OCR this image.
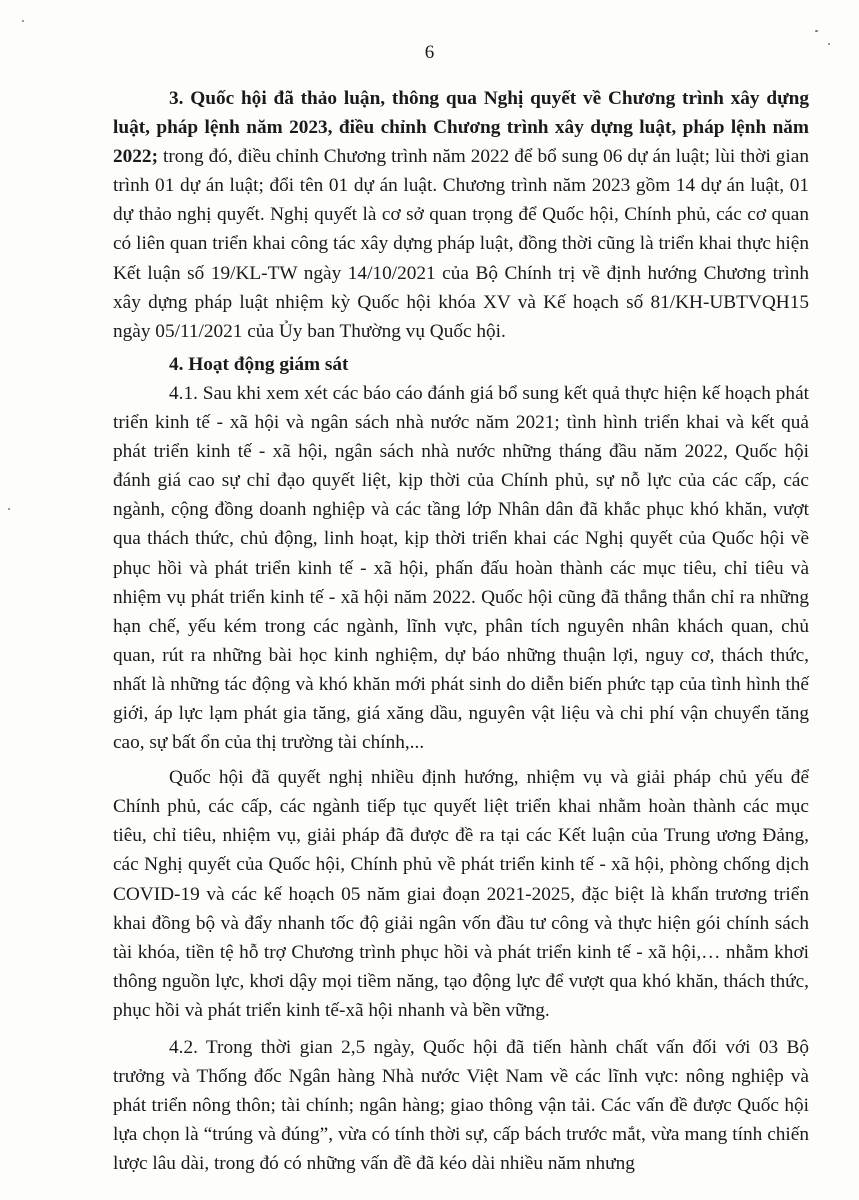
6

3. Quốc hội đã thảo luận, thông qua Nghị quyết về Chương trình xây dựng luật, pháp lệnh năm 2023, điều chỉnh Chương trình xây dựng luật, pháp lệnh năm 2022; trong đó, điều chỉnh Chương trình năm 2022 để bổ sung 06 dự án luật; lùi thời gian trình 01 dự án luật; đổi tên 01 dự án luật. Chương trình năm 2023 gồm 14 dự án luật, 01 dự thảo nghị quyết. Nghị quyết là cơ sở quan trọng để Quốc hội, Chính phủ, các cơ quan có liên quan triển khai công tác xây dựng pháp luật, đồng thời cũng là triển khai thực hiện Kết luận số 19/KL-TW ngày 14/10/2021 của Bộ Chính trị về định hướng Chương trình xây dựng pháp luật nhiệm kỳ Quốc hội khóa XV và Kế hoạch số 81/KH-UBTVQH15 ngày 05/11/2021 của Ủy ban Thường vụ Quốc hội.

4. Hoạt động giám sát

4.1. Sau khi xem xét các báo cáo đánh giá bổ sung kết quả thực hiện kế hoạch phát triển kinh tế - xã hội và ngân sách nhà nước năm 2021; tình hình triển khai và kết quả phát triển kinh tế - xã hội, ngân sách nhà nước những tháng đầu năm 2022, Quốc hội đánh giá cao sự chỉ đạo quyết liệt, kịp thời của Chính phủ, sự nỗ lực của các cấp, các ngành, cộng đồng doanh nghiệp và các tầng lớp Nhân dân đã khắc phục khó khăn, vượt qua thách thức, chủ động, linh hoạt, kịp thời triển khai các Nghị quyết của Quốc hội về phục hồi và phát triển kinh tế - xã hội, phấn đấu hoàn thành các mục tiêu, chỉ tiêu và nhiệm vụ phát triển kinh tế - xã hội năm 2022. Quốc hội cũng đã thẳng thắn chỉ ra những hạn chế, yếu kém trong các ngành, lĩnh vực, phân tích nguyên nhân khách quan, chủ quan, rút ra những bài học kinh nghiệm, dự báo những thuận lợi, nguy cơ, thách thức, nhất là những tác động và khó khăn mới phát sinh do diễn biến phức tạp của tình hình thế giới, áp lực lạm phát gia tăng, giá xăng dầu, nguyên vật liệu và chi phí vận chuyển tăng cao, sự bất ổn của thị trường tài chính,...

Quốc hội đã quyết nghị nhiều định hướng, nhiệm vụ và giải pháp chủ yếu để Chính phủ, các cấp, các ngành tiếp tục quyết liệt triển khai nhằm hoàn thành các mục tiêu, chỉ tiêu, nhiệm vụ, giải pháp đã được đề ra tại các Kết luận của Trung ương Đảng, các Nghị quyết của Quốc hội, Chính phủ về phát triển kinh tế - xã hội, phòng chống dịch COVID-19 và các kế hoạch 05 năm giai đoạn 2021-2025, đặc biệt là khẩn trương triển khai đồng bộ và đẩy nhanh tốc độ giải ngân vốn đầu tư công và thực hiện gói chính sách tài khóa, tiền tệ hỗ trợ Chương trình phục hồi và phát triển kinh tế - xã hội,… nhằm khơi thông nguồn lực, khơi dậy mọi tiềm năng, tạo động lực để vượt qua khó khăn, thách thức, phục hồi và phát triển kinh tế-xã hội nhanh và bền vững.

4.2. Trong thời gian 2,5 ngày, Quốc hội đã tiến hành chất vấn đối với 03 Bộ trưởng và Thống đốc Ngân hàng Nhà nước Việt Nam về các lĩnh vực: nông nghiệp và phát triển nông thôn; tài chính; ngân hàng; giao thông vận tải. Các vấn đề được Quốc hội lựa chọn là “trúng và đúng”, vừa có tính thời sự, cấp bách trước mắt, vừa mang tính chiến lược lâu dài, trong đó có những vấn đề đã kéo dài nhiều năm nhưng
